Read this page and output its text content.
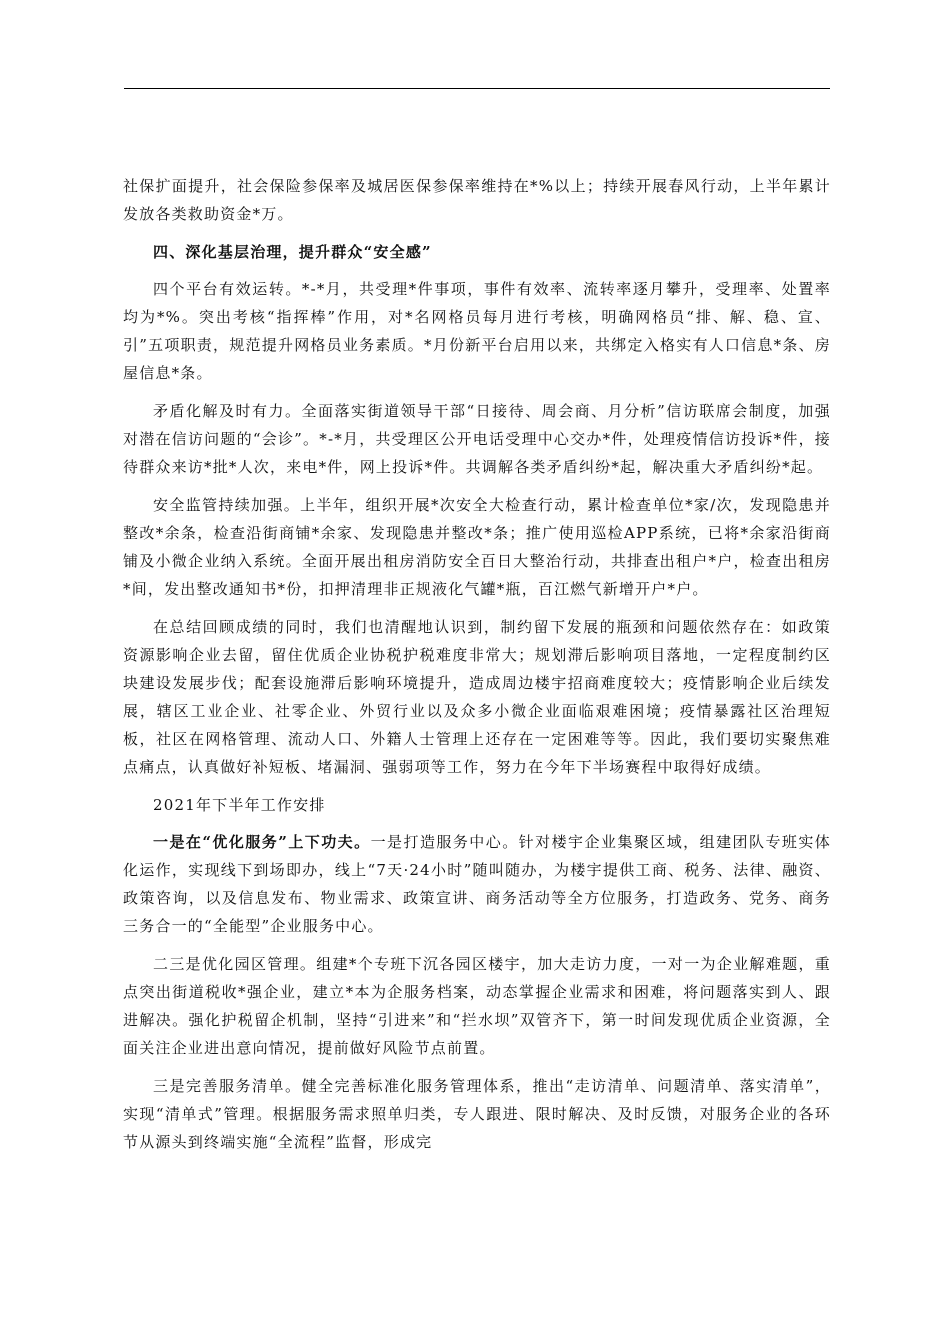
社保扩面提升，社会保险参保率及城居医保参保率维持在*%以上；持续开展春风行动，上半年累计发放各类救助资金*万。

四、深化基层治理，提升群众“安全感”

四个平台有效运转。*-*月，共受理*件事项，事件有效率、流转率逐月攀升，受理率、处置率均为*%。突出考核“指挥棒”作用，对*名网格员每月进行考核，明确网格员“排、解、稳、宣、引”五项职责，规范提升网格员业务素质。*月份新平台启用以来，共绑定入格实有人口信息*条、房屋信息*条。

矛盾化解及时有力。全面落实街道领导干部“日接待、周会商、月分析”信访联席会制度，加强对潜在信访问题的“会诊”。*-*月，共受理区公开电话受理中心交办*件，处理疫情信访投诉*件，接待群众来访*批*人次，来电*件，网上投诉*件。共调解各类矛盾纠纷*起，解决重大矛盾纠纷*起。

安全监管持续加强。上半年，组织开展*次安全大检查行动，累计检查单位*家/次，发现隐患并整改*余条，检查沿街商铺*余家、发现隐患并整改*条；推广使用巡检APP系统，已将*余家沿街商铺及小微企业纳入系统。全面开展出租房消防安全百日大整治行动，共排查出租户*户，检查出租房*间，发出整改通知书*份，扣押清理非正规液化气罐*瓶，百江燃气新增开户*户。

在总结回顾成绩的同时，我们也清醒地认识到，制约留下发展的瓶颈和问题依然存在：如政策资源影响企业去留，留住优质企业协税护税难度非常大；规划滞后影响项目落地，一定程度制约区块建设发展步伐；配套设施滞后影响环境提升，造成周边楼宇招商难度较大；疫情影响企业后续发展，辖区工业企业、社零企业、外贸行业以及众多小微企业面临艰难困境；疫情暴露社区治理短板，社区在网格管理、流动人口、外籍人士管理上还存在一定困难等等。因此，我们要切实聚焦难点痛点，认真做好补短板、堵漏洞、强弱项等工作，努力在今年下半场赛程中取得好成绩。

2021年下半年工作安排

一是在“优化服务”上下功夫。一是打造服务中心。针对楼宇企业集聚区域，组建团队专班实体化运作，实现线下到场即办，线上“7天·24小时”随叫随办，为楼宇提供工商、税务、法律、融资、政策咨询，以及信息发布、物业需求、政策宣讲、商务活动等全方位服务，打造政务、党务、商务三务合一的“全能型”企业服务中心。

二三是优化园区管理。组建*个专班下沉各园区楼宇，加大走访力度，一对一为企业解难题，重点突出街道税收*强企业，建立*本为企服务档案，动态掌握企业需求和困难，将问题落实到人、跟进解决。强化护税留企机制，坚持“引进来”和“拦水坝”双管齐下，第一时间发现优质企业资源，全面关注企业进出意向情况，提前做好风险节点前置。

三是完善服务清单。健全完善标准化服务管理体系，推出“走访清单、问题清单、落实清单”，实现“清单式”管理。根据服务需求照单归类，专人跟进、限时解决、及时反馈，对服务企业的各环节从源头到终端实施“全流程”监督，形成完
